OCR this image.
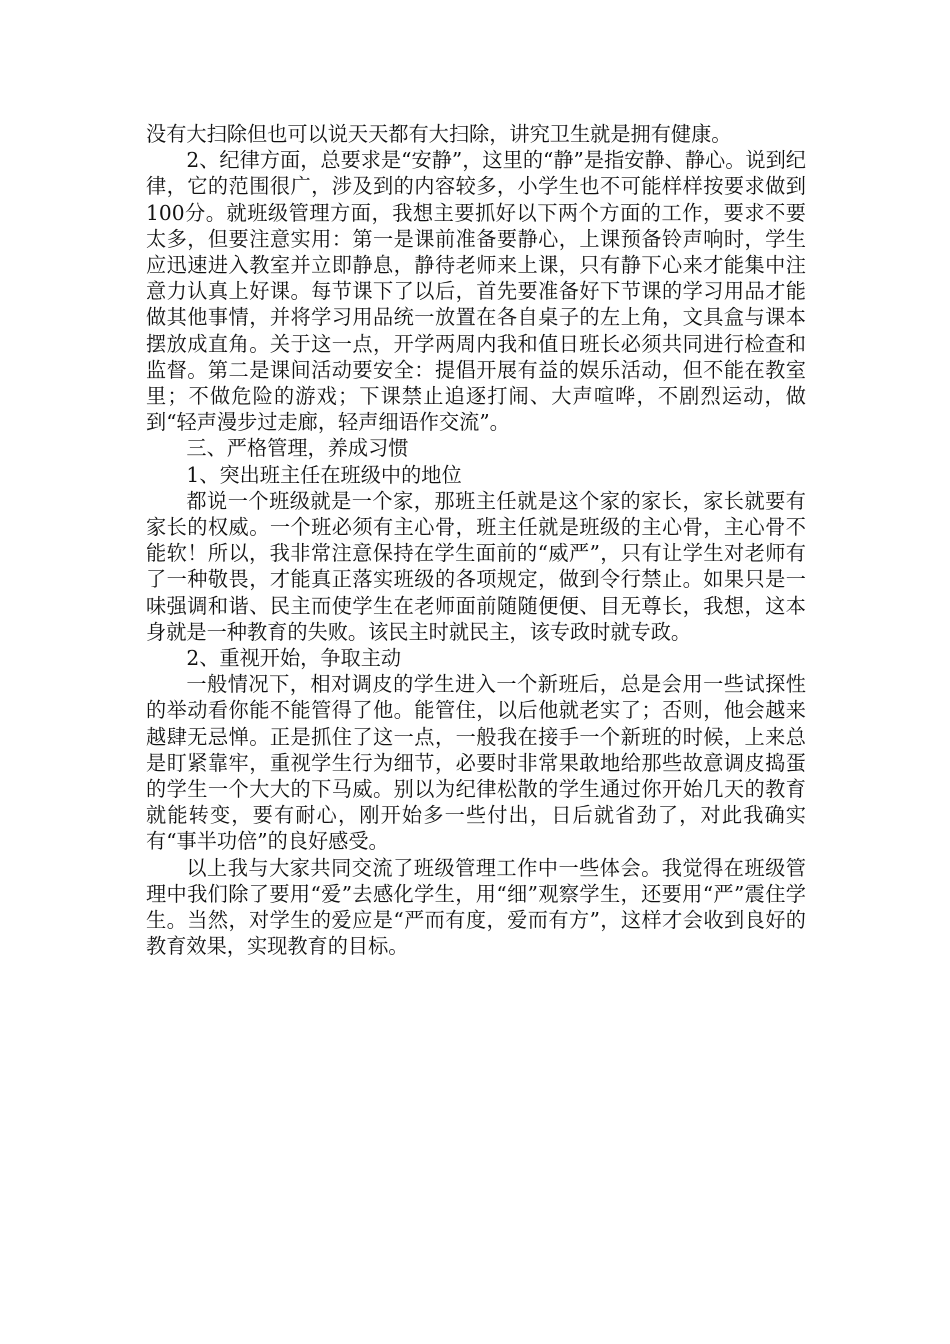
没有大扫除但也可以说天天都有大扫除，讲究卫生就是拥有健康。

2、纪律方面，总要求是“安静”，这里的“静”是指安静、静心。说到纪律，它的范围很广，涉及到的内容较多，小学生也不可能样样按要求做到100分。就班级管理方面，我想主要抓好以下两个方面的工作，要求不要太多，但要注意实用：第一是课前准备要静心，上课预备铃声响时，学生应迅速进入教室并立即静息，静待老师来上课，只有静下心来才能集中注意力认真上好课。每节课下了以后，首先要准备好下节课的学习用品才能做其他事情，并将学习用品统一放置在各自桌子的左上角，文具盒与课本摆放成直角。关于这一点，开学两周内我和值日班长必须共同进行检查和监督。第二是课间活动要安全：提倡开展有益的娱乐活动，但不能在教室里；不做危险的游戏；下课禁止追逐打闹、大声喧哗，不剧烈运动，做到“轻声漫步过走廊，轻声细语作交流”。

三、严格管理，养成习惯

1、突出班主任在班级中的地位

都说一个班级就是一个家，那班主任就是这个家的家长，家长就要有家长的权威。一个班必须有主心骨，班主任就是班级的主心骨，主心骨不能软！所以，我非常注意保持在学生面前的“威严”，只有让学生对老师有了一种敬畏，才能真正落实班级的各项规定，做到令行禁止。如果只是一味强调和谐、民主而使学生在老师面前随随便便、目无尊长，我想，这本身就是一种教育的失败。该民主时就民主，该专政时就专政。

2、重视开始，争取主动

一般情况下，相对调皮的学生进入一个新班后，总是会用一些试探性的举动看你能不能管得了他。能管住，以后他就老实了；否则，他会越来越肆无忌惮。正是抓住了这一点，一般我在接手一个新班的时候，上来总是盯紧靠牢，重视学生行为细节，必要时非常果敢地给那些故意调皮捣蛋的学生一个大大的下马威。别以为纪律松散的学生通过你开始几天的教育就能转变，要有耐心，刚开始多一些付出，日后就省劲了，对此我确实有“事半功倍”的良好感受。

以上我与大家共同交流了班级管理工作中一些体会。我觉得在班级管理中我们除了要用“爱”去感化学生，用“细”观察学生，还要用“严”震住学生。当然，对学生的爱应是“严而有度，爱而有方”，这样才会收到良好的教育效果，实现教育的目标。
